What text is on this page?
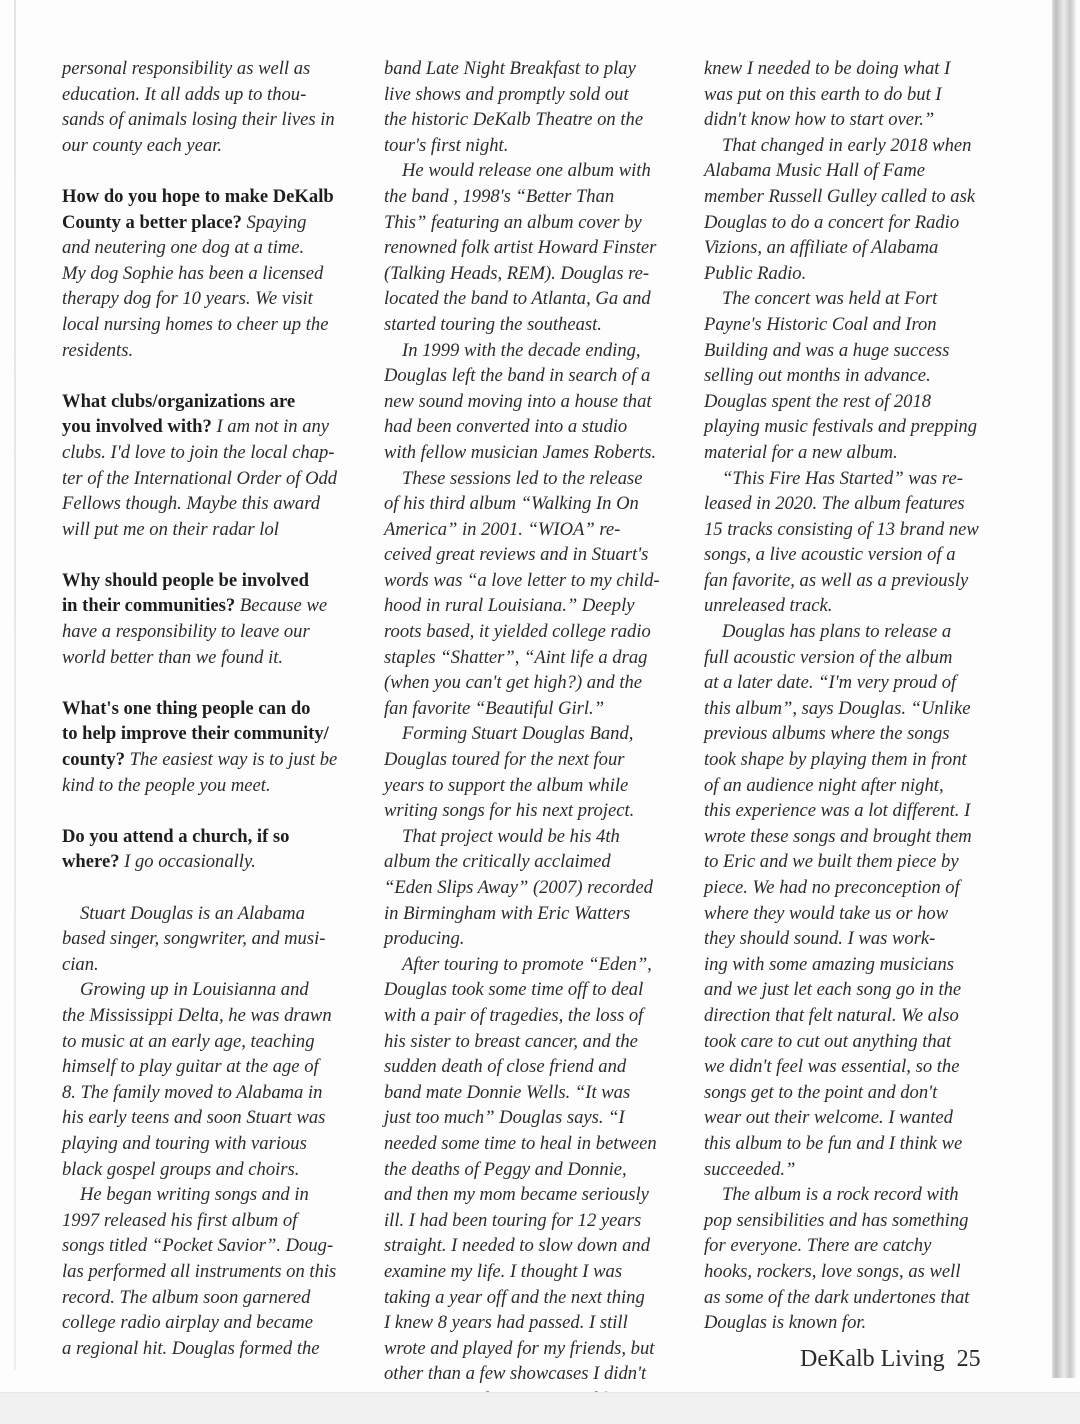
personal responsibility as well as
education. It all adds up to thou-
sands of animals losing their lives in
our county each year.
How do you hope to make DeKalb
County a better place? Spaying
and neutering one dog at a time.
My dog Sophie has been a licensed
therapy dog for 10 years. We visit
local nursing homes to cheer up the
residents.
What clubs/organizations are
you involved with? I am not in any
clubs. I'd love to join the local chap-
ter of the International Order of Odd
Fellows though. Maybe this award
will put me on their radar lol
Why should people be involved
in their communities? Because we
have a responsibility to leave our
world better than we found it.
What's one thing people can do
to help improve their community/
county? The easiest way is to just be
kind to the people you meet.
Do you attend a church, if so
where? I go occasionally.
Stuart Douglas is an Alabama
based singer, songwriter, and musi-
cian.
Growing up in Louisianna and
the Mississippi Delta, he was drawn
to music at an early age, teaching
himself to play guitar at the age of
8. The family moved to Alabama in
his early teens and soon Stuart was
playing and touring with various
black gospel groups and choirs.
He began writing songs and in
1997 released his first album of
songs titled “Pocket Savior”. Doug-
las performed all instruments on this
record. The album soon garnered
college radio airplay and became
a regional hit. Douglas formed the
band Late Night Breakfast to play
live shows and promptly sold out
the historic DeKalb Theatre on the
tour's first night.
He would release one album with
the band , 1998's “Better Than
This” featuring an album cover by
renowned folk artist Howard Finster
(Talking Heads, REM). Douglas re-
located the band to Atlanta, Ga and
started touring the southeast.
In 1999 with the decade ending,
Douglas left the band in search of a
new sound moving into a house that
had been converted into a studio
with fellow musician James Roberts.
These sessions led to the release
of his third album “Walking In On
America” in 2001. “WIOA” re-
ceived great reviews and in Stuart's
words was “a love letter to my child-
hood in rural Louisiana.” Deeply
roots based, it yielded college radio
staples “Shatter”, “Aint life a drag
(when you can't get high?) and the
fan favorite “Beautiful Girl.”
Forming Stuart Douglas Band,
Douglas toured for the next four
years to support the album while
writing songs for his next project.
That project would be his 4th
album the critically acclaimed
“Eden Slips Away” (2007) recorded
in Birmingham with Eric Watters
producing.
After touring to promote “Eden”,
Douglas took some time off to deal
with a pair of tragedies, the loss of
his sister to breast cancer, and the
sudden death of close friend and
band mate Donnie Wells. “It was
just too much” Douglas says. “I
needed some time to heal in between
the deaths of Peggy and Donnie,
and then my mom became seriously
ill. I had been touring for 12 years
straight. I needed to slow down and
examine my life. I thought I was
taking a year off and the next thing
I knew 8 years had passed. I still
wrote and played for my friends, but
other than a few showcases I didn't
knew I needed to be doing what I
was put on this earth to do but I
didn't know how to start over.”
That changed in early 2018 when
Alabama Music Hall of Fame
member Russell Gulley called to ask
Douglas to do a concert for Radio
Vizions, an affiliate of Alabama
Public Radio.
The concert was held at Fort
Payne's Historic Coal and Iron
Building and was a huge success
selling out months in advance.
Douglas spent the rest of 2018
playing music festivals and prepping
material for a new album.
“This Fire Has Started” was re-
leased in 2020. The album features
15 tracks consisting of 13 brand new
songs, a live acoustic version of a
fan favorite, as well as a previously
unreleased track.
Douglas has plans to release a
full acoustic version of the album
at a later date. “I'm very proud of
this album”, says Douglas. “Unlike
previous albums where the songs
took shape by playing them in front
of an audience night after night,
this experience was a lot different. I
wrote these songs and brought them
to Eric and we built them piece by
piece. We had no preconception of
where they would take us or how
they should sound. I was work-
ing with some amazing musicians
and we just let each song go in the
direction that felt natural. We also
took care to cut out anything that
we didn't feel was essential, so the
songs get to the point and don't
wear out their welcome. I wanted
this album to be fun and I think we
succeeded.”
The album is a rock record with
pop sensibilities and has something
for everyone. There are catchy
hooks, rockers, love songs, as well
as some of the dark undertones that
Douglas is known for.
DeKalb Living 25
